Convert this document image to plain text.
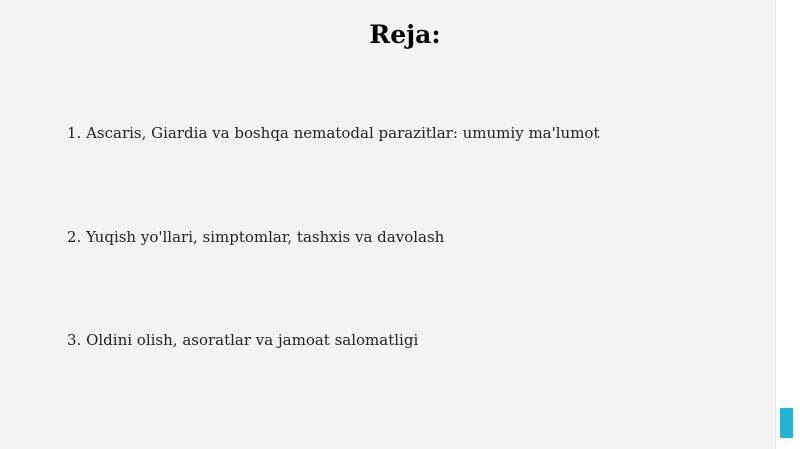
Reja:
1. Ascaris, Giardia va boshqa nematodal parazitlar: umumiy ma'lumot
2. Yuqish yo'llari, simptomlar, tashxis va davolash
3. Oldini olish, asoratlar va jamoat salomatligi
